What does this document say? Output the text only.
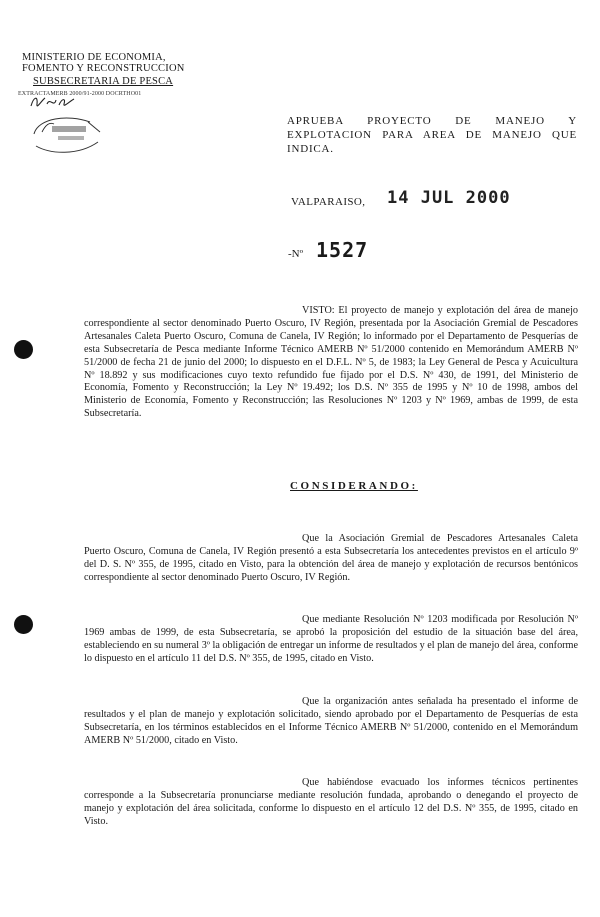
MINISTERIO DE ECONOMIA,
FOMENTO Y RECONSTRUCCION
SUBSECRETARIA DE PESCA
EXTRACTAMERB 2000/91-2000 DOCRTHO01
APRUEBA PROYECTO DE MANEJO Y EXPLOTACION PARA AREA DE MANEJO QUE INDICA.
VALPARAISO, 14 JUL 2000
-Nº 1527
VISTO: El proyecto de manejo y explotación del área de manejo correspondiente al sector denominado Puerto Oscuro, IV Región, presentada por la Asociación Gremial de Pescadores Artesanales Caleta Puerto Oscuro, Comuna de Canela, IV Región; lo informado por el Departamento de Pesquerías de esta Subsecretaría de Pesca mediante Informe Técnico AMERB Nº 51/2000 contenido en Memorándum AMERB Nº 51/2000 de fecha 21 de junio del 2000; lo dispuesto en el D.F.L. Nº 5, de 1983; la Ley General de Pesca y Acuicultura Nº 18.892 y sus modificaciones cuyo texto refundido fue fijado por el D.S. Nº 430, de 1991, del Ministerio de Economía, Fomento y Reconstrucción; la Ley Nº 19.492; los D.S. Nº 355 de 1995 y Nº 10 de 1998, ambos del Ministerio de Economía, Fomento y Reconstrucción; las Resoluciones Nº 1203 y Nº 1969, ambas de 1999, de esta Subsecretaría.
CONSIDERANDO:
Que la Asociación Gremial de Pescadores Artesanales Caleta Puerto Oscuro, Comuna de Canela, IV Región presentó a esta Subsecretaría los antecedentes previstos en el artículo 9º del D. S. Nº 355, de 1995, citado en Visto, para la obtención del área de manejo y explotación de recursos bentónicos correspondiente al sector denominado Puerto Oscuro, IV Región.
Que mediante Resolución Nº 1203 modificada por Resolución Nº 1969 ambas de 1999, de esta Subsecretaría, se aprobó la proposición del estudio de la situación base del área, estableciendo en su numeral 3º la obligación de entregar un informe de resultados y el plan de manejo del área, conforme lo dispuesto en el artículo 11 del D.S. Nº 355, de 1995, citado en Visto.
Que la organización antes señalada ha presentado el informe de resultados y el plan de manejo y explotación solicitado, siendo aprobado por el Departamento de Pesquerías de esta Subsecretaría, en los términos establecidos en el Informe Técnico AMERB Nº 51/2000, contenido en el Memorándum AMERB Nº 51/2000, citado en Visto.
Que habiéndose evacuado los informes técnicos pertinentes corresponde a la Subsecretaría pronunciarse mediante resolución fundada, aprobando o denegando el proyecto de manejo y explotación del área solicitada, conforme lo dispuesto en el artículo 12 del D.S. Nº 355, de 1995, citado en Visto.
